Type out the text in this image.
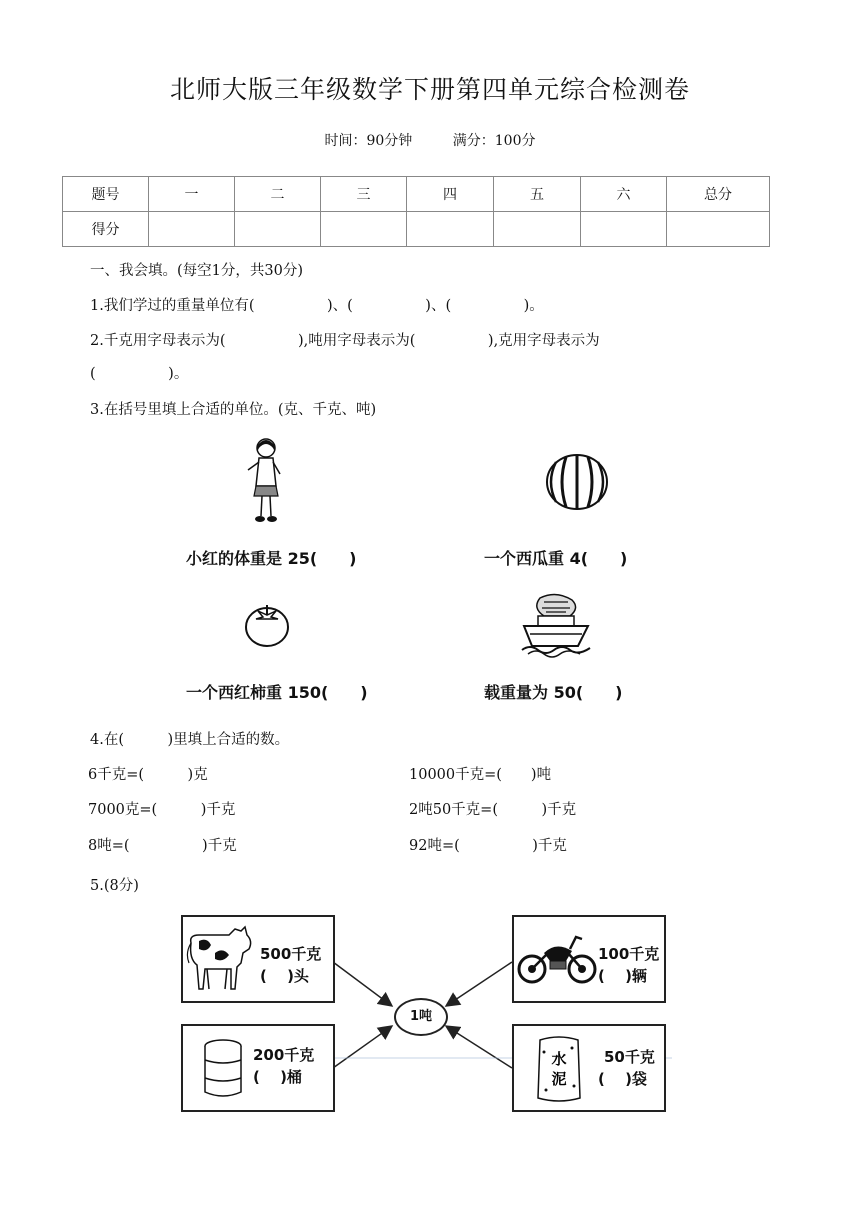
北师大版三年级数学下册第四单元综合检测卷
时间：90分钟	满分：100分
题号	一	二	三	四	五	六	总分
得分							
一、我会填。(每空1分，共30分)
1.我们学过的重量单位有(　　　　　)、(　　　　　)、(　　　　　)。
2.千克用字母表示为(　　　　　),吨用字母表示为(　　　　　),克用字母表示为
(　　　　　)。
3.在括号里填上合适的单位。(克、千克、吨)
小红的体重是 25(　　)	一个西瓜重 4(　　)
一个西红柿重 150(　　)	载重量为 50(　　)
4.在(　　　)里填上合适的数。
6千克=(　　　)克	10000千克=(　　)吨
7000克=(　　　)千克	2吨50千克=(　　　)千克
8吨=(　　　　　)千克	92吨=(　　　　　)千克
5.(8分)
1吨
500千克
(　 )头
100千克
(　 )辆
200千克
(　 )桶
水
泥
50千克
(　 )袋
